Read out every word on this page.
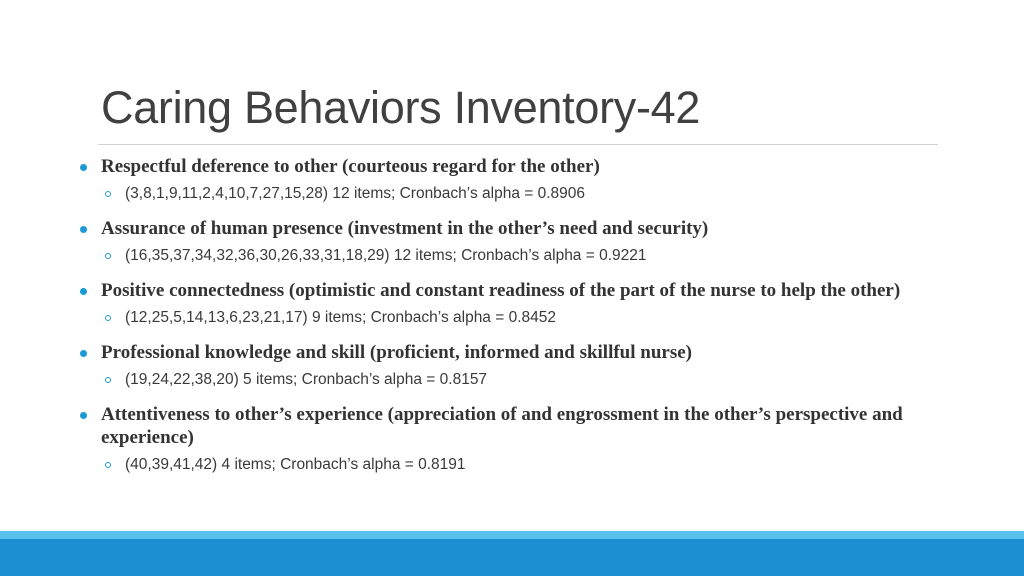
Caring Behaviors Inventory-42
Respectful deference to other (courteous regard for the other)
(3,8,1,9,11,2,4,10,7,27,15,28) 12 items; Cronbach’s alpha = 0.8906
Assurance of human presence (investment in the other’s need and security)
(16,35,37,34,32,36,30,26,33,31,18,29) 12 items; Cronbach’s alpha = 0.9221
Positive connectedness (optimistic and constant readiness of the part of the nurse to help the other)
(12,25,5,14,13,6,23,21,17) 9 items; Cronbach’s alpha = 0.8452
Professional knowledge and skill (proficient, informed and skillful nurse)
(19,24,22,38,20) 5 items; Cronbach’s alpha = 0.8157
Attentiveness to other’s experience (appreciation of and engrossment in the other’s perspective and experience)
(40,39,41,42) 4 items; Cronbach’s alpha = 0.8191
